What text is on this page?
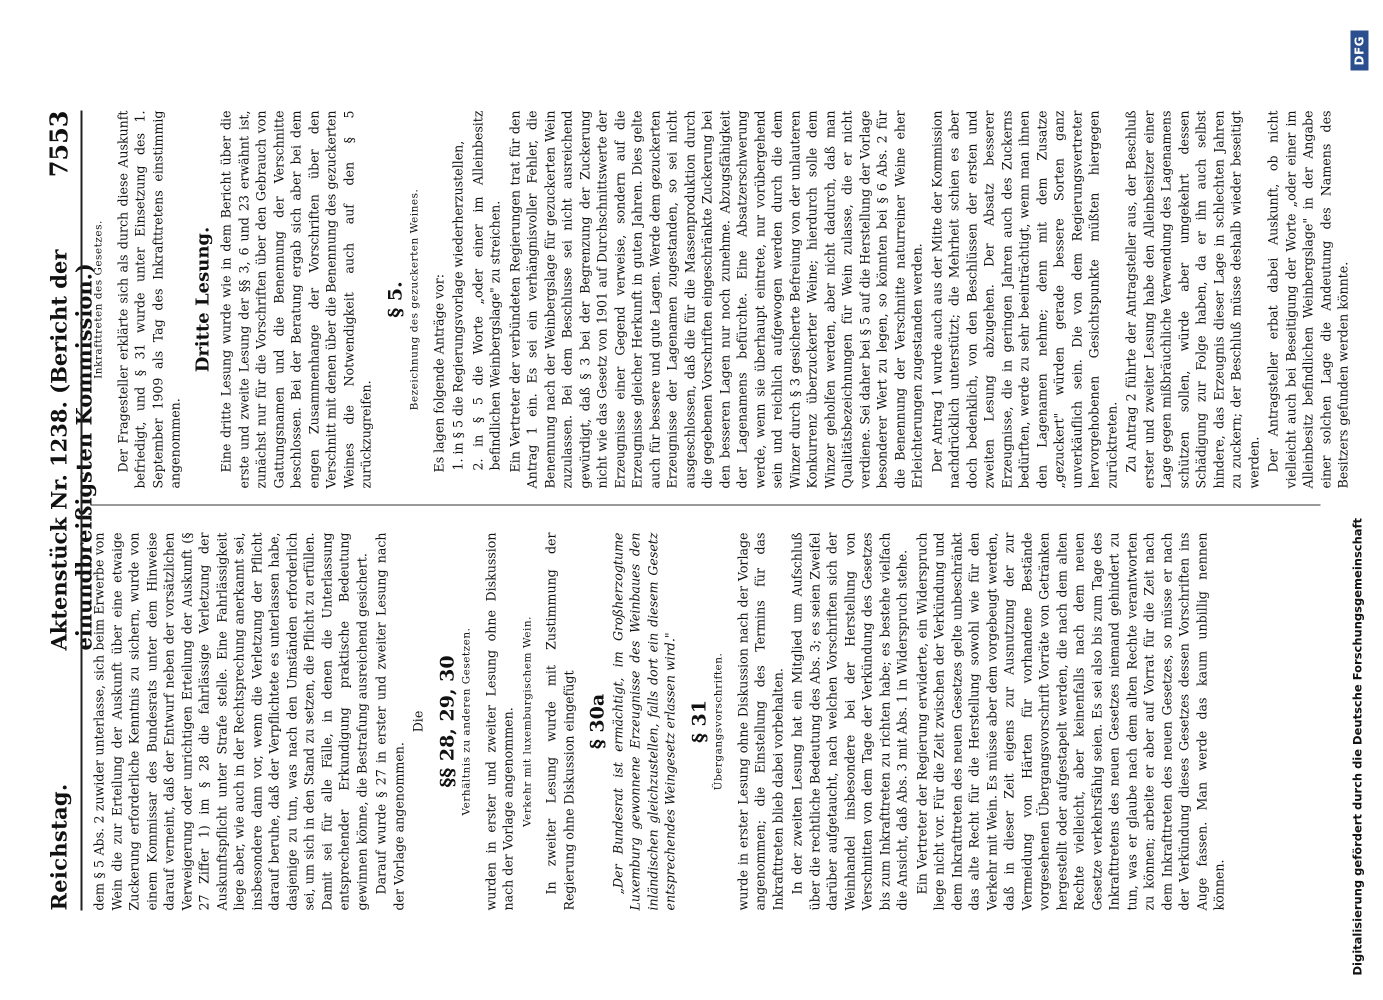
Reichstag.
Aktenstück Nr. 1238. (Bericht der einundbreißigsten Kommission.)
7553

dem § 5 Abs. 2 zuwider unterlasse, sich beim Erwerbe von Wein die zur Erteilung der Auskunft über eine etwaige Zuckerung erforderliche Kenntnis zu sichern, wurde von einem Kommissar des Bundesrats unter dem Hinweise darauf verneint, daß der Entwurf neben der vorsätzlichen Verweigerung oder unrichtigen Erteilung der Auskunft (§ 27 Ziffer 1) im § 28 die fahrlässige Verletzung der Auskunftspflicht unter Strafe stelle. Eine Fahrlässigkeit liege aber, wie auch in der Rechtsprechung anerkannt sei, insbesondere dann vor, wenn die Verletzung der Pflicht darauf beruhe, daß der Verpflichtete es unterlassen habe, dasjenige zu tun, was nach den Umständen erforderlich sei, um sich in den Stand zu setzen, die Pflicht zu erfüllen. Damit sei für alle Fälle, in denen die Unterlassung entsprechender Erkundigung praktische Bedeutung gewinnen könne, die Bestrafung ausreichend gesichert. Darauf wurde § 27 in erster und zweiter Lesung nach der Vorlage angenommen.

Die §§ 28, 29, 30 Verhältnis zu anderen Gesetzen. wurden in erster und zweiter Lesung ohne Diskussion nach der Vorlage angenommen. Verkehr mit luxemburgischem Wein. In zweiter Lesung wurde mit Zustimmung der Regierung ohne Diskussion eingefügt § 30a „Der Bundesrat ist ermächtigt, im Großherzogtume Luxemburg gewonnene Erzeugnisse des Weinbaues den inländischen gleichzustellen, falls dort ein diesem Gesetz entsprechendes Weingesetz erlassen wird." § 31 Übergangsvorschriften. wurde in erster Lesung ohne Diskussion nach der Vorlage angenommen; die Einstellung des Termins für das Inkrafttreten blieb dabei vorbehalten. In der zweiten Lesung hat ein Mitglied um Aufschluß über die rechtliche Bedeutung des Abs. 3; es seien Zweifel darüber aufgetaucht, nach welchen Vorschriften sich der Weinhandel insbesondere bei der Herstellung von Verschnitten von dem Tage der Verkündung des Gesetzes bis zum Inkrafttreten zu richten habe; es bestehe vielfach die Ansicht, daß Abs. 3 mit Abs. 1 in Widerspruch stehe. Ein Vertreter der Regierung erwiderte, ein Widerspruch liege nicht vor. Für die Zeit zwischen der Verkündung und dem Inkrafttreten des neuen Gesetzes gelte unbeschränkt das alte Recht für die Herstellung sowohl wie für den Verkehr mit Wein. Es müsse aber dem vorgebeugt werden, daß in dieser Zeit eigens zur Ausnutzung der zur Vermeidung von Härten für vorhandene Bestände vorgesehenen Übergangsvorschrift Vorräte von Getränken hergestellt oder aufgestapelt werden, die nach dem alten Rechte vielleicht, aber keinenfalls nach dem neuen Gesetze verkehrsfähig seien. Es sei also bis zum Tage des Inkrafttretens des neuen Gesetzes niemand gehindert zu tun, was er glaube nach dem alten Rechte verantworten zu können; arbeite er aber auf Vorrat für die Zeit nach dem Inkrafttreten des neuen Gesetzes, so müsse er nach der Verkündung dieses Gesetzes dessen Vorschriften ins Auge fassen. Man werde das kaum unbillig nennen können.

Inkrafttreten des Gesetzes. Der Fragesteller erklärte sich als durch diese Auskunft befriedigt, und § 31 wurde unter Einsetzung des 1. September 1909 als Tag des Inkrafttretens einstimmig angenommen.

Dritte Lesung. Eine dritte Lesung wurde wie in dem Bericht über die erste und zweite Lesung der §§ 3, 6 und 23 erwähnt ist, zunächst nur für die Vorschriften über den Gebrauch von Gattungsnamen und die Benennung der Verschnitte beschlossen. Bei der Beratung ergab sich aber bei dem engen Zusammenhange der Vorschriften über den Verschnitt mit denen über die Benennung des gezuckerten Weines die Notwendigkeit auch auf den § 5 zurückzugreifen.

§ 5. Bezeichnung des gezuckerten Weines. Es lagen folgende Anträge vor: 1. in § 5 die Regierungsvorlage wiederherzustellen, 2. in § 5 die Worte „oder einer im Alleinbesitz befindlichen Weinbergslage" zu streichen. Ein Vertreter der verbündeten Regierungen trat für den Antrag 1 ein. Es sei ein verhängnisvoller Fehler, die Benennung nach der Weinbergslage für gezuckerten Wein zuzulassen. Bei dem Beschlusse sei nicht ausreichend gewürdigt, daß § 3 bei der Begrenzung der Zuckerung nicht wie das Gesetz von 1901 auf Durchschnittswerte der Erzeugnisse einer Gegend verweise, sondern auf die Erzeugnisse gleicher Herkunft in guten Jahren. Dies gelte auch für bessere und gute Lagen. Werde dem gezuckerten Erzeugnisse der Lagenamen zugestanden, so sei nicht ausgeschlossen, daß die für die Massenproduktion durch die gegebenen Vorschriften eingeschränkte Zuckerung bei den besseren Lagen nur noch zunehme. Abzugsfähigkeit der Lagenamens befürchte. Eine Absatzerschwerung werde, wenn sie überhaupt eintrete, nur vorübergehend sein und reichlich aufgewogen werden durch die dem Winzer durch § 3 gesicherte Befreiung von der unlauteren Konkurrenz überzuckerter Weine; hierdurch solle dem Winzer geholfen werden, aber nicht dadurch, daß man Qualitätsbezeichnungen für Wein zulasse, die er nicht verdiene. Sei daher bei § 5 auf die Herstellung der Vorlage besonderer Wert zu legen, so könnten bei § 6 Abs. 2 für die Benennung der Verschnitte naturreiner Weine eher Erleichterungen zugestanden werden. Der Antrag 1 wurde auch aus der Mitte der Kommission nachdrücklich unterstützt; die Mehrheit schien es aber doch bedenklich, von den Beschlüssen der ersten und zweiten Lesung abzugehen. Der Absatz besserer Erzeugnisse, die in geringen Jahren auch des Zuckerns bedürften, werde zu sehr beeinträchtigt, wenn man ihnen den Lagenamen nehme; denn mit dem Zusatze „gezuckert" würden gerade bessere Sorten ganz unverkäuflich sein. Die von dem Regierungsvertreter hervorgehobenen Gesichtspunkte müßten hiergegen zurücktreten. Zu Antrag 2 führte der Antragsteller aus, der Beschluß erster und zweiter Lesung habe den Alleinbesitzer einer Lage gegen mißbräuchliche Verwendung des Lagenamens schützen sollen, würde aber umgekehrt dessen Schädigung zur Folge haben, da er ihn auch selbst hindere, das Erzeugnis dieser Lage in schlechten Jahren zu zuckern; der Beschluß müsse deshalb wieder beseitigt werden. Der Antragsteller erbat dabei Auskunft, ob nicht vielleicht auch bei Beseitigung der Worte „oder einer im Alleinbesitz befindlichen Weinbergslage" in der Angabe einer solchen Lage die Andeutung des Namens des Besitzers gefunden werden könnte.

Digitalisierung gefördert durch die Deutsche Forschungsgemeinschaft
DFG
